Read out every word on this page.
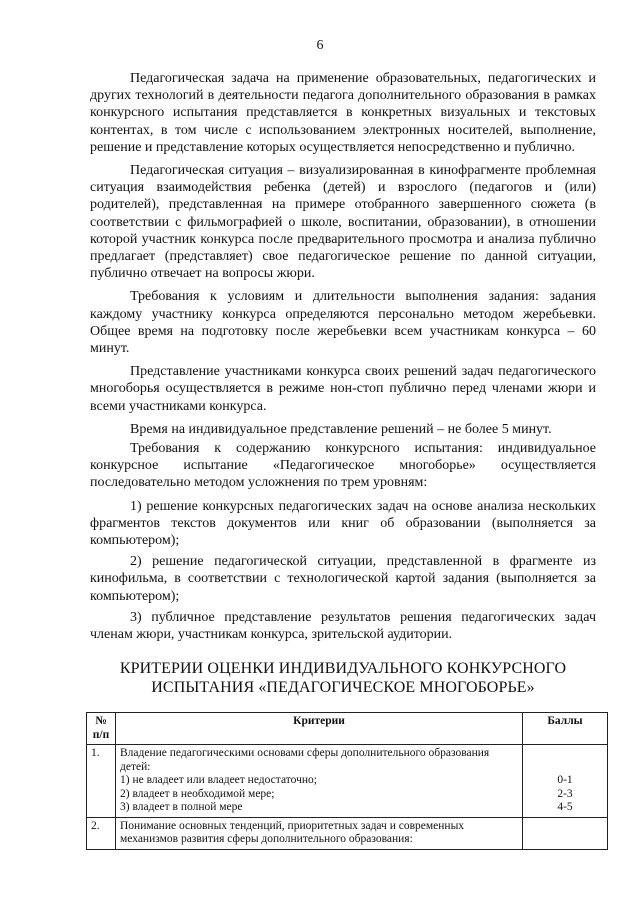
6

Педагогическая задача на применение образовательных, педагогических и других технологий в деятельности педагога дополнительного образования в рамках конкурсного испытания представляется в конкретных визуальных и текстовых контентах, в том числе с использованием электронных носителей, выполнение, решение и представление которых осуществляется непосредственно и публично.

Педагогическая ситуация – визуализированная в кинофрагменте проблемная ситуация взаимодействия ребенка (детей) и взрослого (педагогов и (или) родителей), представленная на примере отобранного завершенного сюжета (в соответствии с фильмографией о школе, воспитании, образовании), в отношении которой участник конкурса после предварительного просмотра и анализа публично предлагает (представляет) свое педагогическое решение по данной ситуации, публично отвечает на вопросы жюри.

Требования к условиям и длительности выполнения задания: задания каждому участнику конкурса определяются персонально методом жеребьевки. Общее время на подготовку после жеребьевки всем участникам конкурса – 60 минут.

Представление участниками конкурса своих решений задач педагогического многоборья осуществляется в режиме нон-стоп публично перед членами жюри и всеми участниками конкурса.

Время на индивидуальное представление решений – не более 5 минут.

Требования к содержанию конкурсного испытания: индивидуальное конкурсное испытание «Педагогическое многоборье» осуществляется последовательно методом усложнения по трем уровням:

1) решение конкурсных педагогических задач на основе анализа нескольких фрагментов текстов документов или книг об образовании (выполняется за компьютером);

2) решение педагогической ситуации, представленной в фрагменте из кинофильма, в соответствии с технологической картой задания (выполняется за компьютером);

3) публичное представление результатов решения педагогических задач членам жюри, участникам конкурса, зрительской аудитории.

КРИТЕРИИ ОЦЕНКИ ИНДИВИДУАЛЬНОГО КОНКУРСНОГО
ИСПЫТАНИЯ «ПЕДАГОГИЧЕСКОЕ МНОГОБОРЬЕ»
№
п/п	Критерии	Баллы
1.	Владение педагогическими основами сферы дополнительного образования детей:
1) не владеет или владеет недостаточно;
2) владеет в необходимой мере;
3) владеет в полной мере	0-1
2-3
4-5

2.	Понимание основных тенденций, приоритетных задач и современных механизмов развития сферы дополнительного образования:	
